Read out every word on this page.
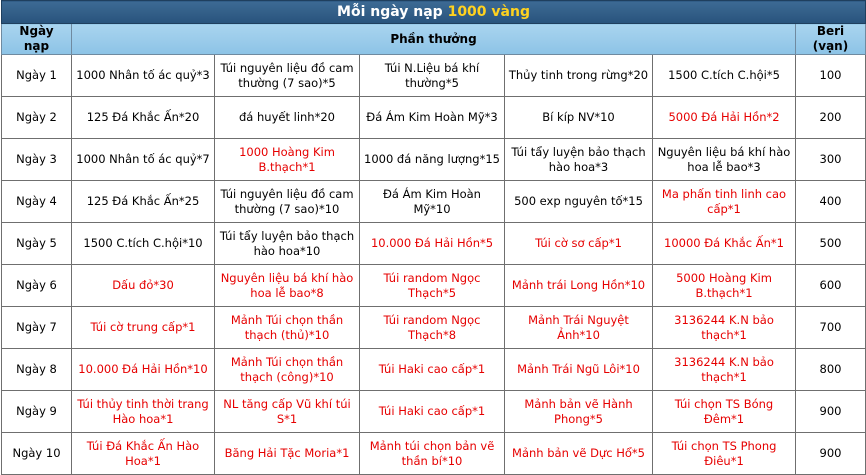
Mỗi ngày nạp 1000 vàng						
Ngày nạp	Phần thưởng					Beri (vạn)
Ngày 1	1000 Nhân tố ác quỷ*3	Túi nguyên liệu đồ cam thường (7 sao)*5	Túi N.Liệu bá khí thường*5	Thủy tinh trong rừng*20	1500 C.tích C.hội*5	100
Ngày 2	125 Đá Khắc Ấn*20	đá huyết linh*20	Đá Ám Kim Hoàn Mỹ*3	Bí kíp NV*10	5000 Đá Hải Hồn*2	200
Ngày 3	1000 Nhân tố ác quỷ*7	1000 Hoàng Kim B.thạch*1	1000 đá năng lượng*15	Túi tẩy luyện bảo thạch hào hoa*3	Nguyên liệu bá khí hào hoa lễ bao*3	300
Ngày 4	125 Đá Khắc Ấn*25	Túi nguyên liệu đồ cam thường (7 sao)*10	Đá Ám Kim Hoàn Mỹ*10	500 exp nguyên tố*15	Ma phấn tinh linh cao cấp*1	400
Ngày 5	1500 C.tích C.hội*10	Túi tẩy luyện bảo thạch hào hoa*10	10.000 Đá Hải Hồn*5	Túi cờ sơ cấp*1	10000 Đá Khắc Ấn*1	500
Ngày 6	Dấu đỏ*30	Nguyên liệu bá khí hào hoa lễ bao*8	Túi random Ngọc Thạch*5	Mảnh trái Long Hồn*10	5000 Hoàng Kim B.thạch*1	600
Ngày 7	Túi cờ trung cấp*1	Mảnh Túi chọn thần thạch (thủ)*10	Túi random Ngọc Thạch*8	Mảnh Trái Nguyệt Ảnh*10	3136244 K.N bảo thạch*1	700
Ngày 8	10.000 Đá Hải Hồn*10	Mảnh Túi chọn thần thạch (công)*10	Túi Haki cao cấp*1	Mảnh Trái Ngũ Lôi*10	3136244 K.N bảo thạch*1	800
Ngày 9	Túi thủy tinh thời trang Hào hoa*1	NL tăng cấp Vũ khí túi S*1	Túi Haki cao cấp*1	Mảnh bản vẽ Hành Phong*5	Túi chọn TS Bóng Đêm*1	900
Ngày 10	Túi Đá Khắc Ấn Hào Hoa*1	Băng Hải Tặc Moria*1	Mảnh túi chọn bản vẽ thần bí*10	Mảnh bản vẽ Dực Hổ*5	Túi chọn TS Phong Điêu*1	900
